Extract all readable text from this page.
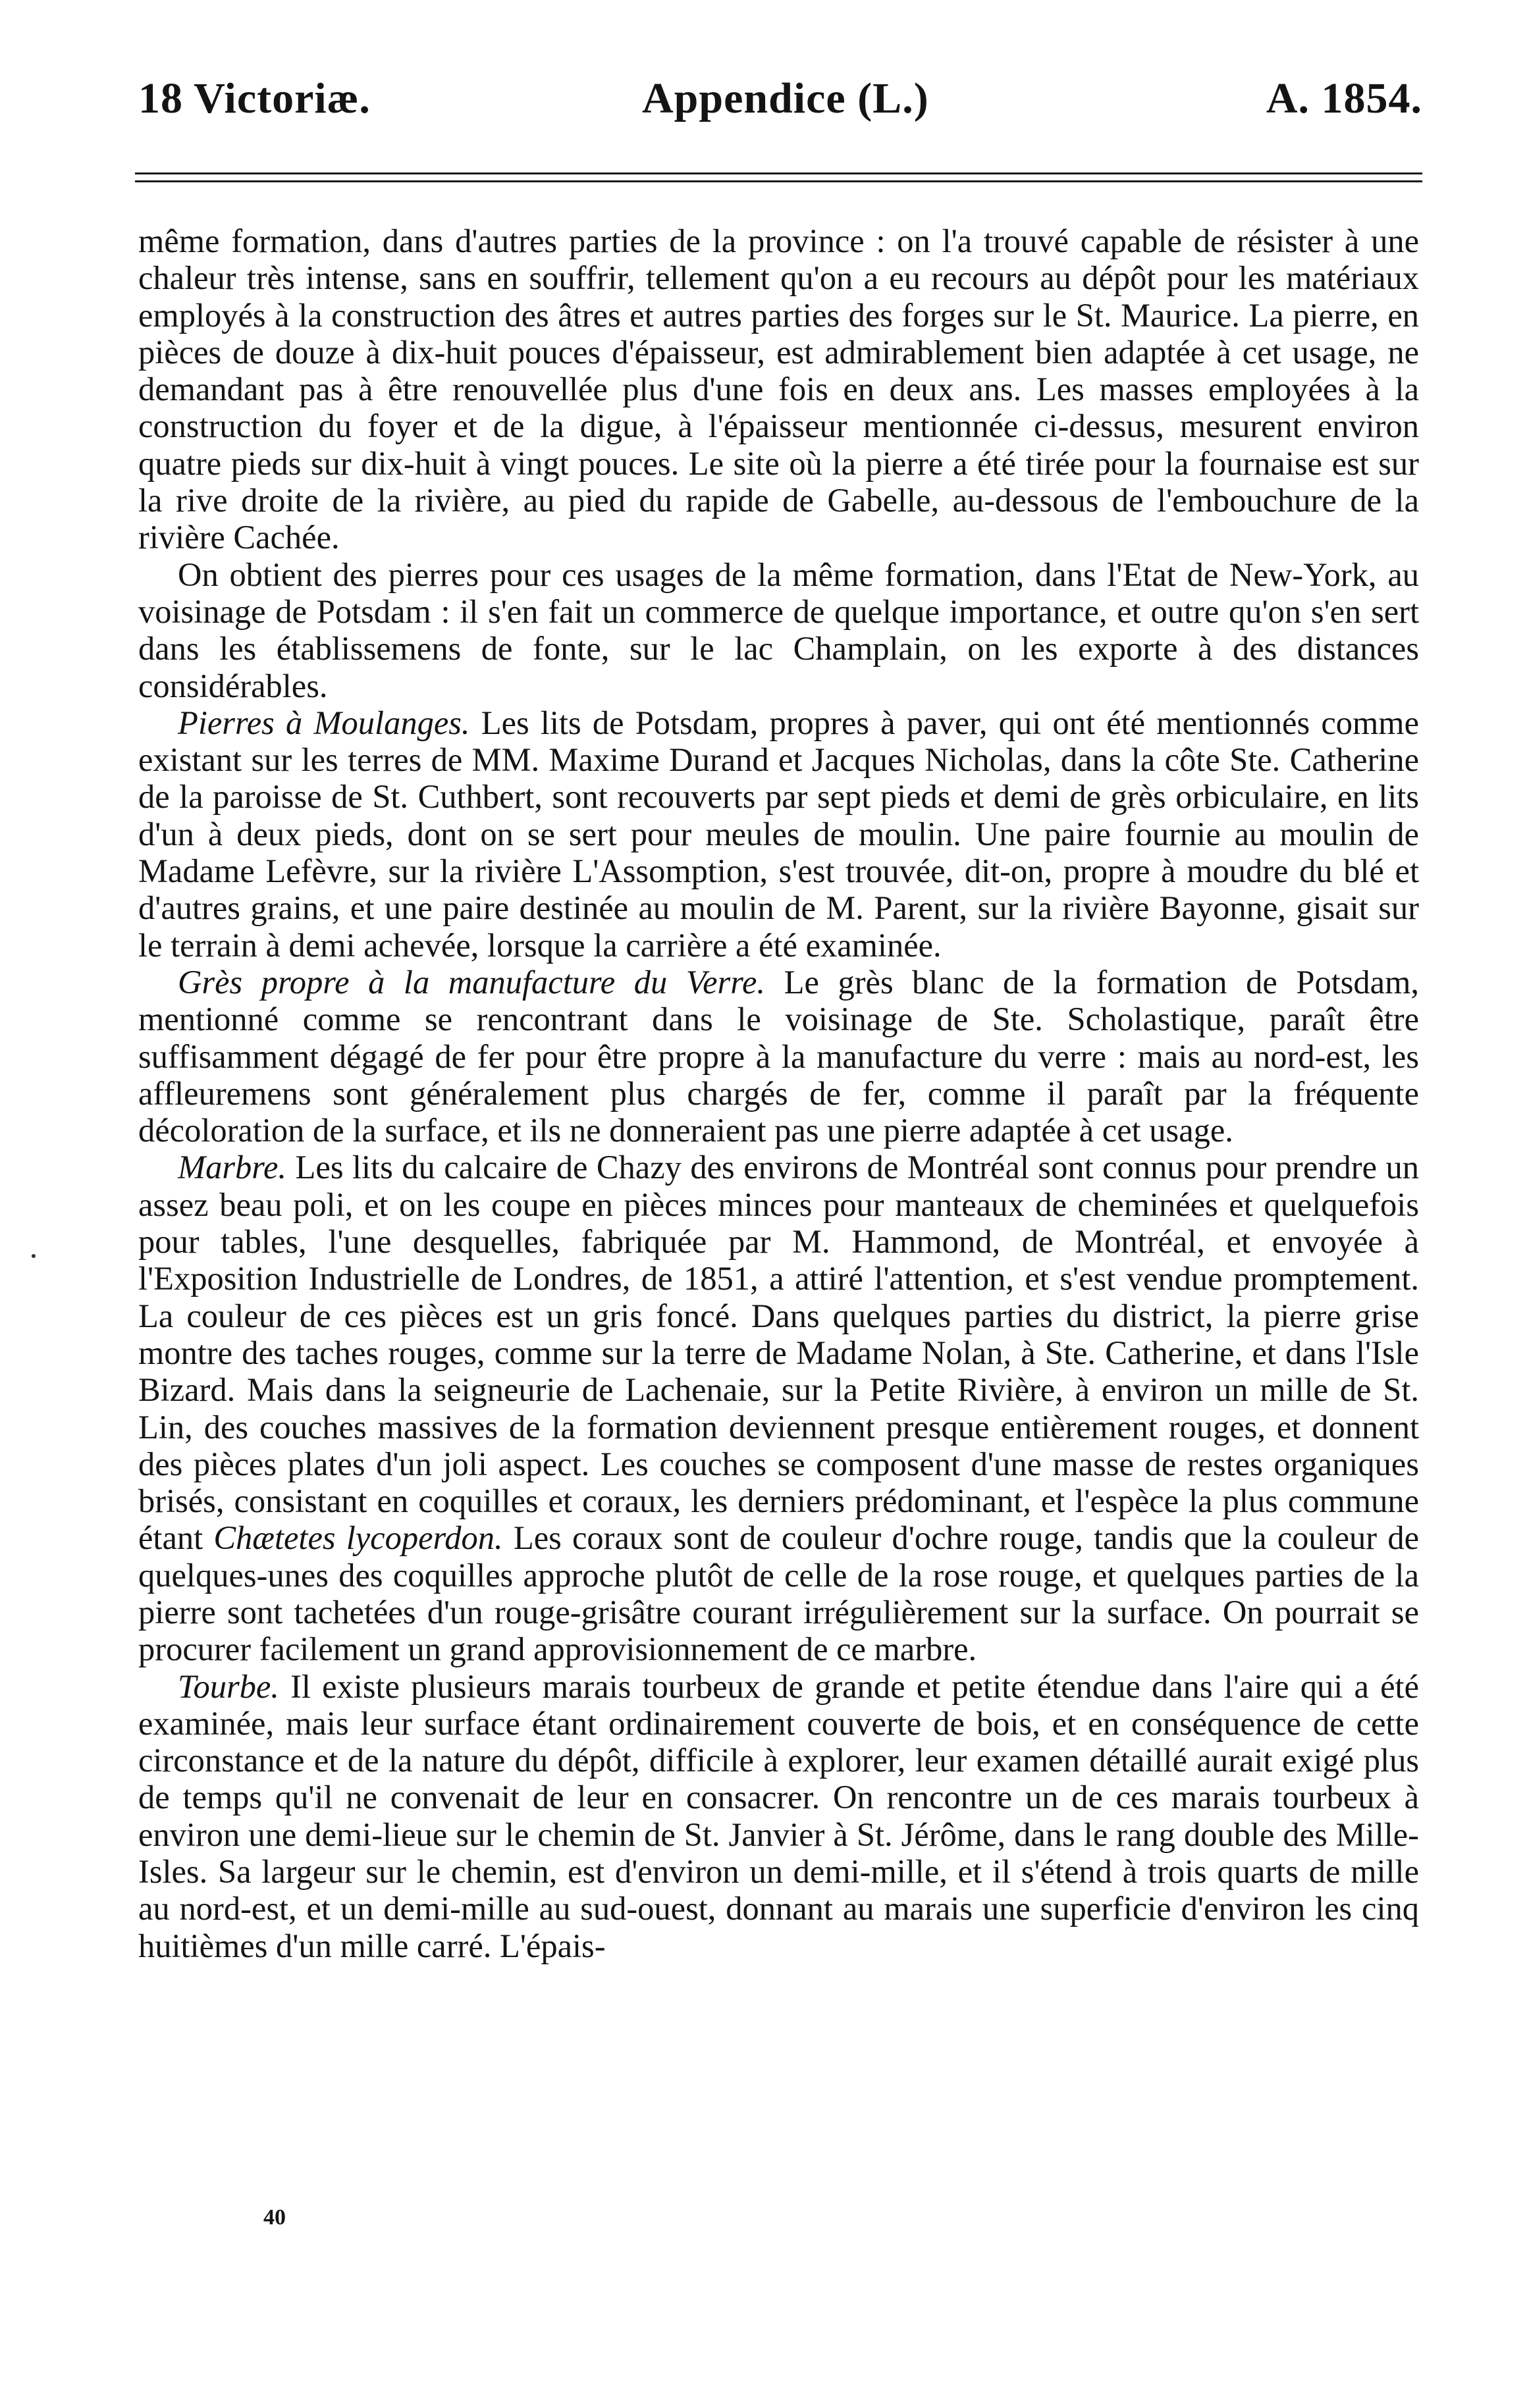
18 Victoriæ.	Appendice (L.)	A. 1854.

même formation, dans d'autres parties de la province : on l'a trouvé capable de résister à une chaleur très intense, sans en souffrir, tellement qu'on a eu recours au dépôt pour les matériaux employés à la construction des âtres et autres parties des forges sur le St. Maurice. La pierre, en pièces de douze à dix-huit pouces d'épaisseur, est admirablement bien adaptée à cet usage, ne demandant pas à être renouvellée plus d'une fois en deux ans. Les masses employées à la construction du foyer et de la digue, à l'épaisseur mentionnée ci-dessus, mesurent environ quatre pieds sur dix-huit à vingt pouces. Le site où la pierre a été tirée pour la fournaise est sur la rive droite de la rivière, au pied du rapide de Gabelle, au-dessous de l'embouchure de la rivière Cachée.

On obtient des pierres pour ces usages de la même formation, dans l'Etat de New-York, au voisinage de Potsdam : il s'en fait un commerce de quelque importance, et outre qu'on s'en sert dans les établissemens de fonte, sur le lac Champlain, on les exporte à des distances considérables.

Pierres à Moulanges. Les lits de Potsdam, propres à paver, qui ont été mentionnés comme existant sur les terres de MM. Maxime Durand et Jacques Nicholas, dans la côte Ste. Catherine de la paroisse de St. Cuthbert, sont recouverts par sept pieds et demi de grès orbiculaire, en lits d'un à deux pieds, dont on se sert pour meules de moulin. Une paire fournie au moulin de Madame Lefèvre, sur la rivière L'Assomption, s'est trouvée, dit-on, propre à moudre du blé et d'autres grains, et une paire destinée au moulin de M. Parent, sur la rivière Bayonne, gisait sur le terrain à demi achevée, lorsque la carrière a été examinée.

Grès propre à la manufacture du Verre. Le grès blanc de la formation de Potsdam, mentionné comme se rencontrant dans le voisinage de Ste. Scholastique, paraît être suffisamment dégagé de fer pour être propre à la manufacture du verre : mais au nord-est, les affleuremens sont généralement plus chargés de fer, comme il paraît par la fréquente décoloration de la surface, et ils ne donneraient pas une pierre adaptée à cet usage.

Marbre. Les lits du calcaire de Chazy des environs de Montréal sont connus pour prendre un assez beau poli, et on les coupe en pièces minces pour manteaux de cheminées et quelquefois pour tables, l'une desquelles, fabriquée par M. Hammond, de Montréal, et envoyée à l'Exposition Industrielle de Londres, de 1851, a attiré l'attention, et s'est vendue promptement. La couleur de ces pièces est un gris foncé. Dans quelques parties du district, la pierre grise montre des taches rouges, comme sur la terre de Madame Nolan, à Ste. Catherine, et dans l'Isle Bizard. Mais dans la seigneurie de Lachenaie, sur la Petite Rivière, à environ un mille de St. Lin, des couches massives de la formation deviennent presque entièrement rouges, et donnent des pièces plates d'un joli aspect. Les couches se composent d'une masse de restes organiques brisés, consistant en coquilles et coraux, les derniers prédominant, et l'espèce la plus commune étant Chætetes lycoperdon. Les coraux sont de couleur d'ochre rouge, tandis que la couleur de quelques-unes des coquilles approche plutôt de celle de la rose rouge, et quelques parties de la pierre sont tachetées d'un rouge-grisâtre courant irrégulièrement sur la surface. On pourrait se procurer facilement un grand approvisionnement de ce marbre.

Tourbe. Il existe plusieurs marais tourbeux de grande et petite étendue dans l'aire qui a été examinée, mais leur surface étant ordinairement couverte de bois, et en conséquence de cette circonstance et de la nature du dépôt, difficile à explorer, leur examen détaillé aurait exigé plus de temps qu'il ne convenait de leur en consacrer. On rencontre un de ces marais tourbeux à environ une demi-lieue sur le chemin de St. Janvier à St. Jérôme, dans le rang double des Mille-Isles. Sa largeur sur le chemin, est d'environ un demi-mille, et il s'étend à trois quarts de mille au nord-est, et un demi-mille au sud-ouest, donnant au marais une superficie d'environ les cinq huitièmes d'un mille carré. L'épais-

40
